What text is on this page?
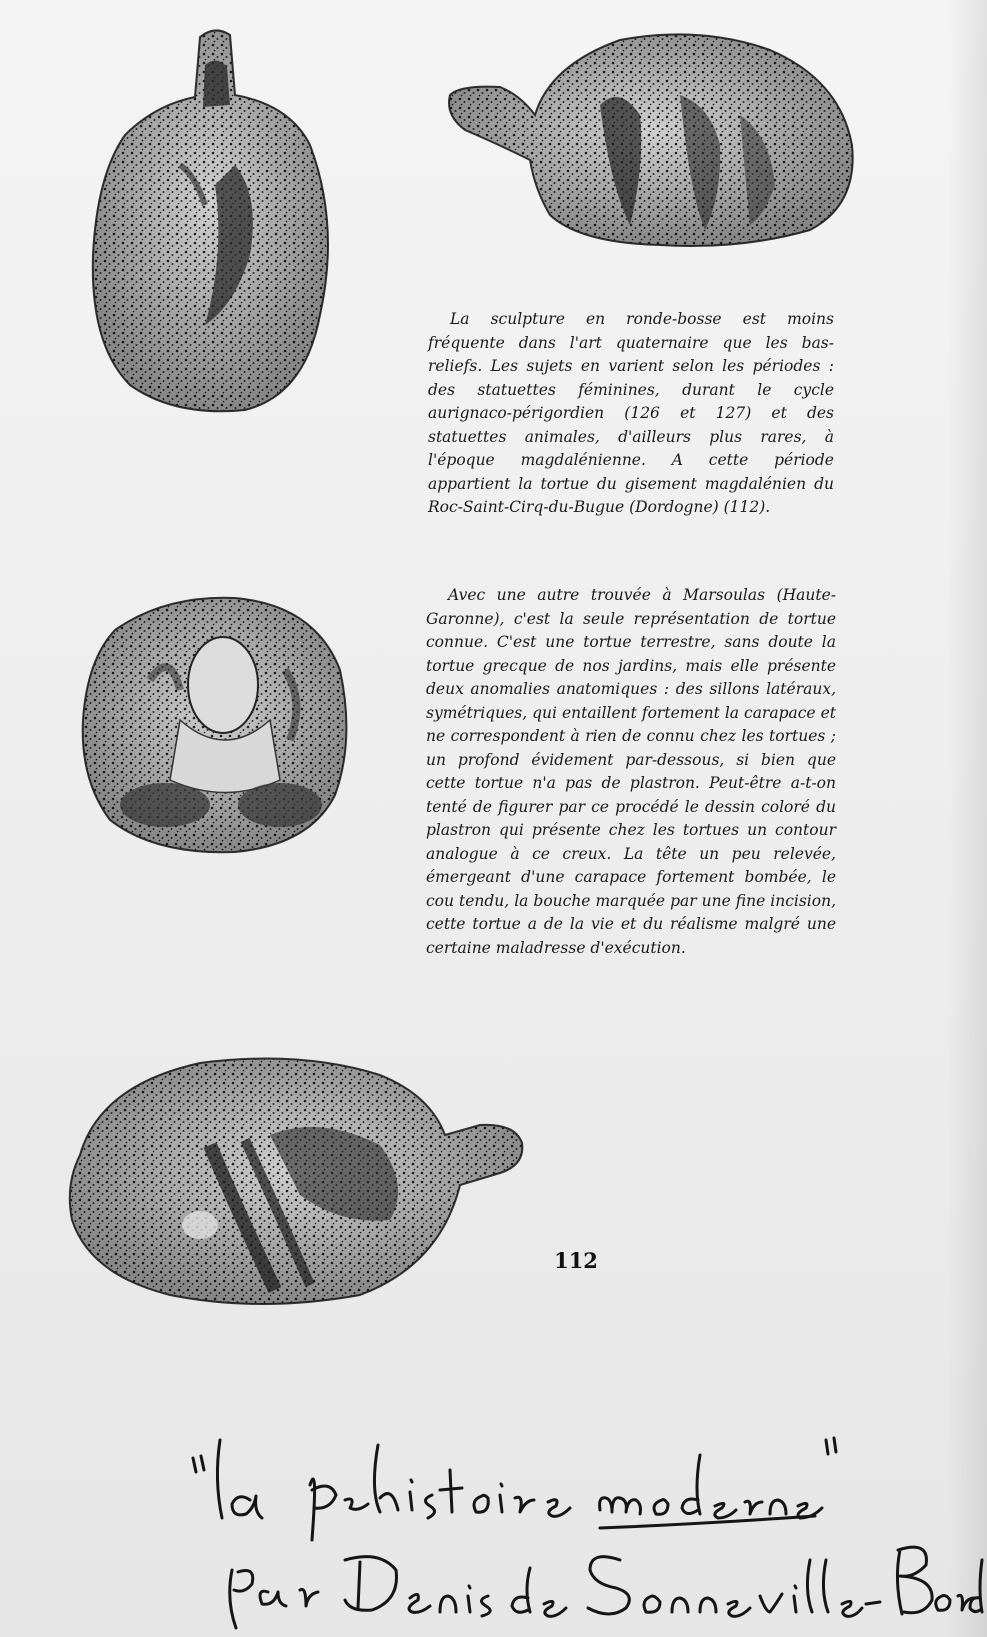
La sculpture en ronde-bosse est moins fréquente dans l'art quaternaire que les bas-reliefs. Les sujets en varient selon les périodes : des statuettes féminines, durant le cycle aurignaco-périgordien (126 et 127) et des statuettes animales, d'ailleurs plus rares, à l'époque magdalénienne. A cette période appartient la tortue du gisement magdalénien du Roc-Saint-Cirq-du-Bugue (Dordogne) (112).

Avec une autre trouvée à Marsoulas (Haute-Garonne), c'est la seule représentation de tortue connue. C'est une tortue terrestre, sans doute la tortue grecque de nos jardins, mais elle présente deux anomalies anatomiques : des sillons latéraux, symétriques, qui entaillent fortement la carapace et ne correspondent à rien de connu chez les tortues ; un profond évidement par-dessous, si bien que cette tortue n'a pas de plastron. Peut-être a-t-on tenté de figurer par ce procédé le dessin coloré du plastron qui présente chez les tortues un contour analogue à ce creux. La tête un peu relevée, émergeant d'une carapace fortement bombée, le cou tendu, la bouche marquée par une fine incision, cette tortue a de la vie et du réalisme malgré une certaine maladresse d'exécution.

112
